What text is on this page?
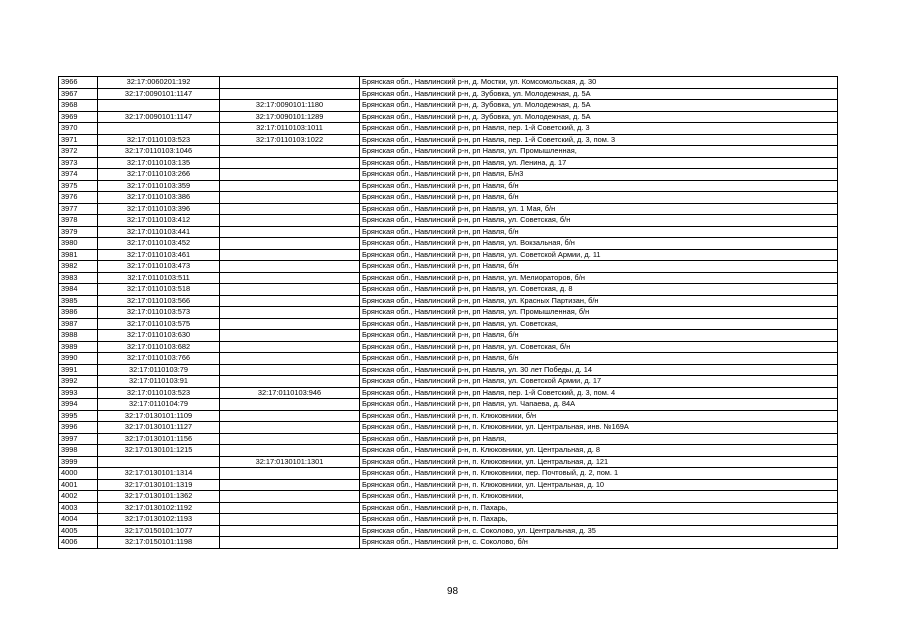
3966	32:17:0060201:192		Брянская обл., Навлинский р-н, д. Мостки, ул. Комсомольская, д. 30
3967	32:17:0090101:1147		Брянская обл., Навлинский р-н, д. Зубовка, ул. Молодежная, д. 5А
3968		32:17:0090101:1180	Брянская обл., Навлинский р-н, д. Зубовка, ул. Молодежная, д. 5А
3969	32:17:0090101:1147	32:17:0090101:1289	Брянская обл., Навлинский р-н, д. Зубовка, ул. Молодежная, д. 5А
3970		32:17:0110103:1011	Брянская обл., Навлинский р-н, рп Навля, пер. 1-й Советский, д. 3
3971	32:17:0110103:523	32:17:0110103:1022	Брянская обл., Навлинский р-н, рп Навля, пер. 1-й Советский, д. 3, пом. 3
3972	32:17:0110103:1046		Брянская обл., Навлинский р-н, рп Навля, ул. Промышленная,
3973	32:17:0110103:135		Брянская обл., Навлинский р-н, рп Навля, ул. Ленина, д. 17
3974	32:17:0110103:266		Брянская обл., Навлинский р-н, рп Навля, Б/н3
3975	32:17:0110103:359		Брянская обл., Навлинский р-н, рп Навля, б/н
3976	32:17:0110103:386		Брянская обл., Навлинский р-н, рп Навля, б/н
3977	32:17:0110103:396		Брянская обл., Навлинский р-н, рп Навля, ул. 1 Мая, б/н
3978	32:17:0110103:412		Брянская обл., Навлинский р-н, рп Навля, ул. Советская, б/н
3979	32:17:0110103:441		Брянская обл., Навлинский р-н, рп Навля, б/н
3980	32:17:0110103:452		Брянская обл., Навлинский р-н, рп Навля, ул. Вокзальная, б/н
3981	32:17:0110103:461		Брянская обл., Навлинский р-н, рп Навля, ул. Советской Армии, д. 11
3982	32:17:0110103:473		Брянская обл., Навлинский р-н, рп Навля, б/н
3983	32:17:0110103:511		Брянская обл., Навлинский р-н, рп Навля, ул. Мелиораторов, б/н
3984	32:17:0110103:518		Брянская обл., Навлинский р-н, рп Навля, ул. Советская, д. 8
3985	32:17:0110103:566		Брянская обл., Навлинский р-н, рп Навля, ул. Красных Партизан, б/н
3986	32:17:0110103:573		Брянская обл., Навлинский р-н, рп Навля, ул. Промышленная, б/н
3987	32:17:0110103:575		Брянская обл., Навлинский р-н, рп Навля, ул. Советская,
3988	32:17:0110103:630		Брянская обл., Навлинский р-н, рп Навля, б/н
3989	32:17:0110103:682		Брянская обл., Навлинский р-н, рп Навля, ул. Советская, б/н
3990	32:17:0110103:766		Брянская обл., Навлинский р-н, рп Навля, б/н
3991	32:17:0110103:79		Брянская обл., Навлинский р-н, рп Навля, ул. 30 лет Победы, д. 14
3992	32:17:0110103:91		Брянская обл., Навлинский р-н, рп Навля, ул. Советской Армии, д. 17
3993	32:17:0110103:523	32:17:0110103:946	Брянская обл., Навлинский р-н, рп Навля, пер. 1-й Советский, д. 3, пом. 4
3994	32:17:0110104:79		Брянская обл., Навлинский р-н, рп Навля, ул. Чапаева, д. 84А
3995	32:17:0130101:1109		Брянская обл., Навлинский р-н, п. Клюковники, б/н
3996	32:17:0130101:1127		Брянская обл., Навлинский р-н, п. Клюковники, ул. Центральная, инв. №169А
3997	32:17:0130101:1156		Брянская обл., Навлинский р-н, рп Навля,
3998	32:17:0130101:1215		Брянская обл., Навлинский р-н, п. Клюковники, ул. Центральная, д. 8
3999		32:17:0130101:1301	Брянская обл., Навлинский р-н, п. Клюковники, ул. Центральная, д. 121
4000	32:17:0130101:1314		Брянская обл., Навлинский р-н, п. Клюковники, пер. Почтовый, д. 2, пом. 1
4001	32:17:0130101:1319		Брянская обл., Навлинский р-н, п. Клюковники, ул. Центральная, д. 10
4002	32:17:0130101:1362		Брянская обл., Навлинский р-н, п. Клюковники,
4003	32:17:0130102:1192		Брянская обл., Навлинский р-н, п. Пахарь,
4004	32:17:0130102:1193		Брянская обл., Навлинский р-н, п. Пахарь,
4005	32:17:0150101:1077		Брянская обл., Навлинский р-н, с. Соколово, ул. Центральная, д. 35
4006	32:17:0150101:1198		Брянская обл., Навлинский р-н, с. Соколово, б/н
98
